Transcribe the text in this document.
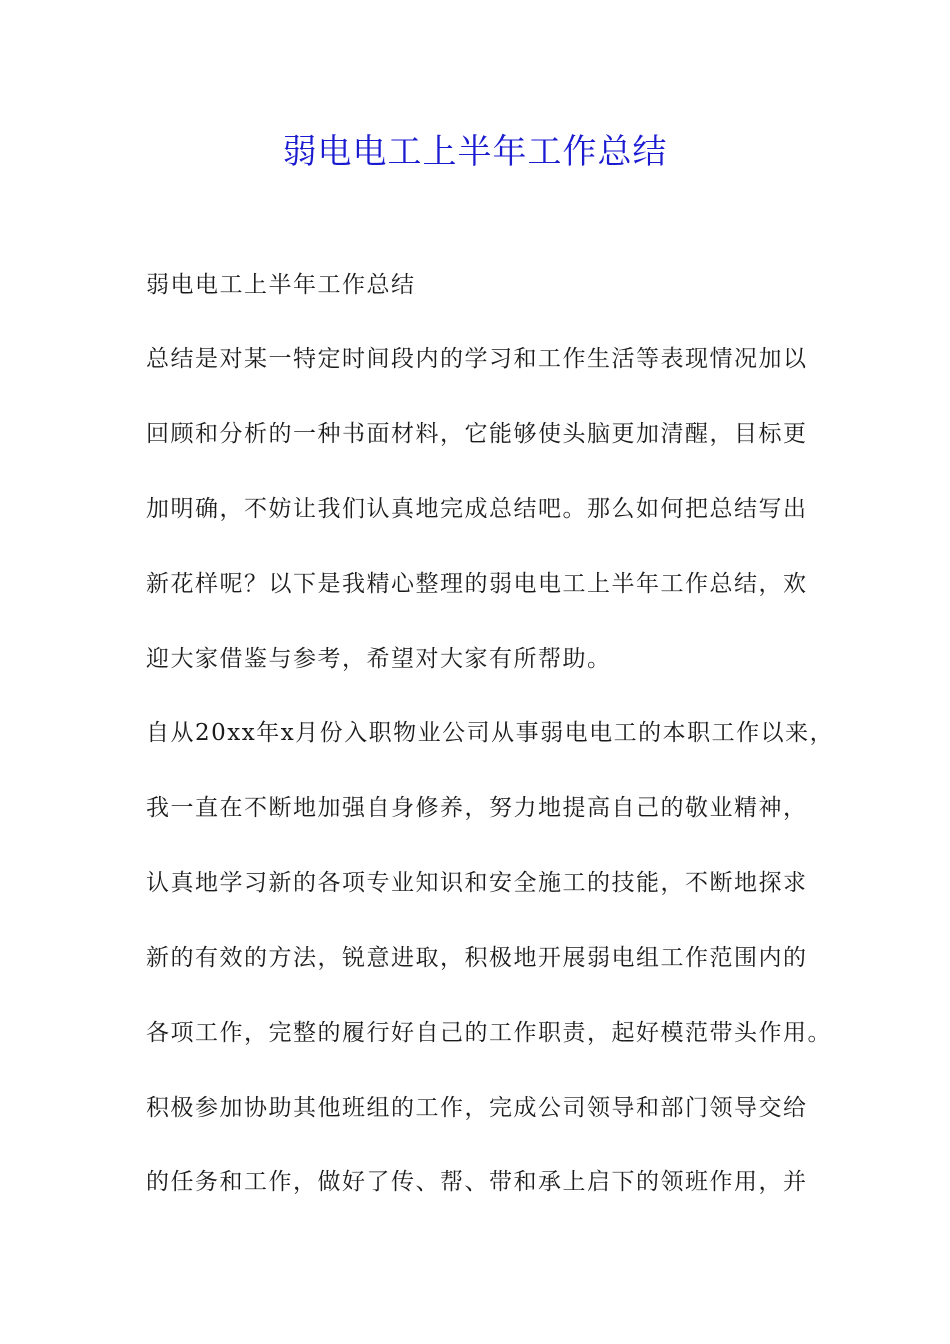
弱电电工上半年工作总结
弱电电工上半年工作总结
总结是对某一特定时间段内的学习和工作生活等表现情况加以
回顾和分析的一种书面材料，它能够使头脑更加清醒，目标更
加明确，不妨让我们认真地完成总结吧。那么如何把总结写出
新花样呢？以下是我精心整理的弱电电工上半年工作总结，欢
迎大家借鉴与参考，希望对大家有所帮助。
自从20xx年x月份入职物业公司从事弱电电工的本职工作以来，
我一直在不断地加强自身修养，努力地提高自己的敬业精神，
认真地学习新的各项专业知识和安全施工的技能，不断地探求
新的有效的方法，锐意进取，积极地开展弱电组工作范围内的
各项工作，完整的履行好自己的工作职责，起好模范带头作用。
积极参加协助其他班组的工作，完成公司领导和部门领导交给
的任务和工作，做好了传、帮、带和承上启下的领班作用，并
